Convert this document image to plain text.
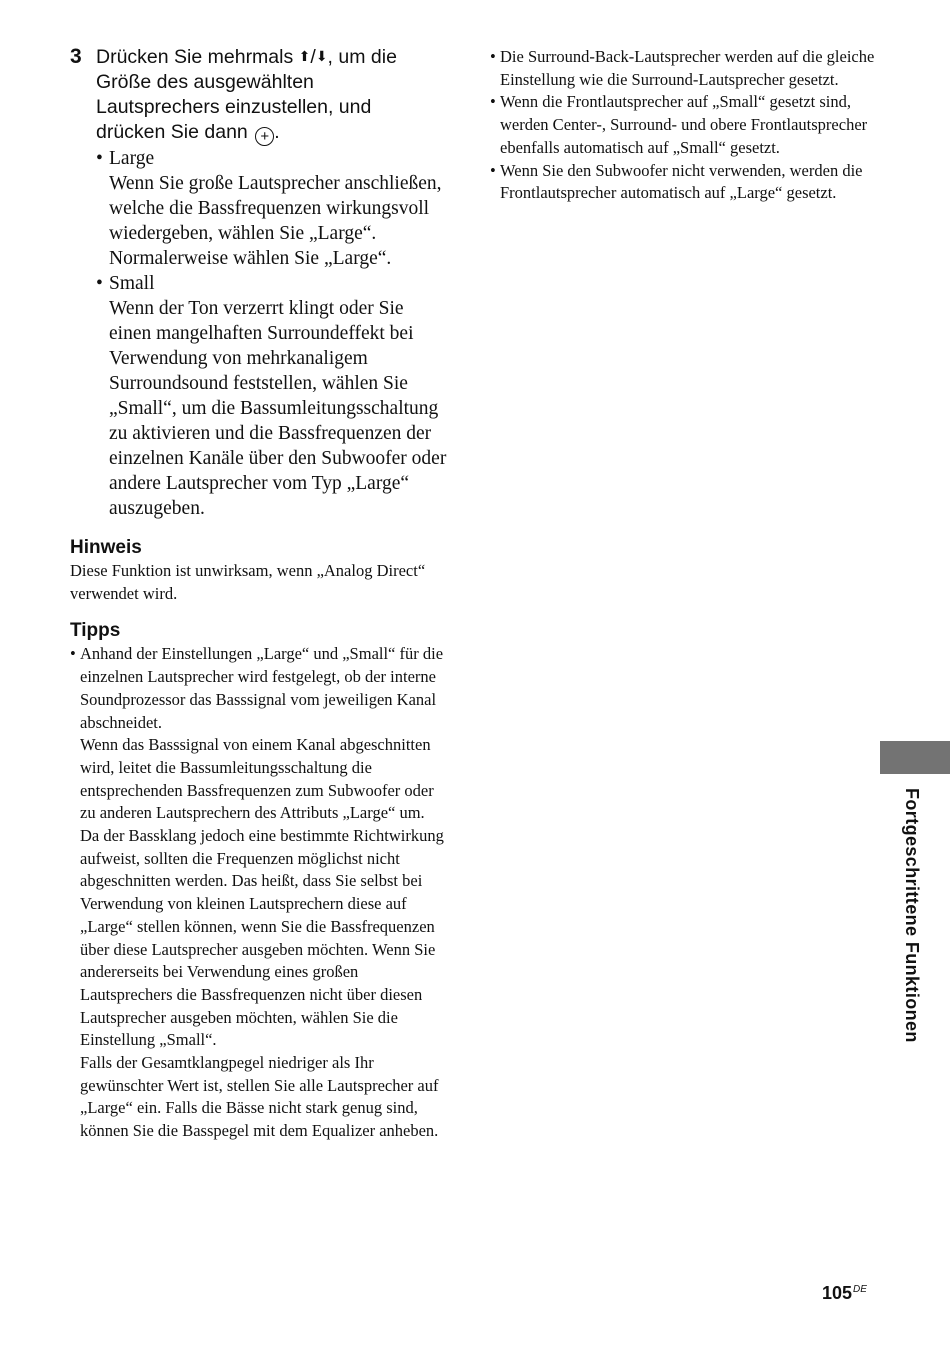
3 Drücken Sie mehrmals ⬆/⬇, um die
Größe des ausgewählten
Lautsprechers einzustellen, und
drücken Sie dann + .
• Large
Wenn Sie große Lautsprecher anschließen, welche die Bassfrequenzen wirkungsvoll wiedergeben, wählen Sie „Large“. Normalerweise wählen Sie „Large“.
• Small
Wenn der Ton verzerrt klingt oder Sie einen mangelhaften Surroundeffekt bei Verwendung von mehrkanaligem Surroundsound feststellen, wählen Sie „Small“, um die Bassumleitungsschaltung zu aktivieren und die Bassfrequenzen der einzelnen Kanäle über den Subwoofer oder andere Lautsprecher vom Typ „Large“ auszugeben.
Hinweis
Diese Funktion ist unwirksam, wenn „Analog Direct“ verwendet wird.
Tipps
• Anhand der Einstellungen „Large“ und „Small“ für die einzelnen Lautsprecher wird festgelegt, ob der interne Soundprozessor das Basssignal vom jeweiligen Kanal abschneidet.
Wenn das Basssignal von einem Kanal abgeschnitten wird, leitet die Bassumleitungsschaltung die entsprechenden Bassfrequenzen zum Subwoofer oder zu anderen Lautsprechern des Attributs „Large“ um.
Da der Bassklang jedoch eine bestimmte Richtwirkung aufweist, sollten die Frequenzen möglichst nicht abgeschnitten werden. Das heißt, dass Sie selbst bei Verwendung von kleinen Lautsprechern diese auf „Large“ stellen können, wenn Sie die Bassfrequenzen über diese Lautsprecher ausgeben möchten. Wenn Sie andererseits bei Verwendung eines großen Lautsprechers die Bassfrequenzen nicht über diesen Lautsprecher ausgeben möchten, wählen Sie die Einstellung „Small“.
Falls der Gesamtklangpegel niedriger als Ihr gewünschter Wert ist, stellen Sie alle Lautsprecher auf „Large“ ein. Falls die Bässe nicht stark genug sind, können Sie die Basspegel mit dem Equalizer anheben.
• Die Surround-Back-Lautsprecher werden auf die gleiche Einstellung wie die Surround-Lautsprecher gesetzt.
• Wenn die Frontlautsprecher auf „Small“ gesetzt sind, werden Center-, Surround- und obere Frontlautsprecher ebenfalls automatisch auf „Small“ gesetzt.
• Wenn Sie den Subwoofer nicht verwenden, werden die Frontlautsprecher automatisch auf „Large“ gesetzt.
Fortgeschrittene Funktionen
105DE
